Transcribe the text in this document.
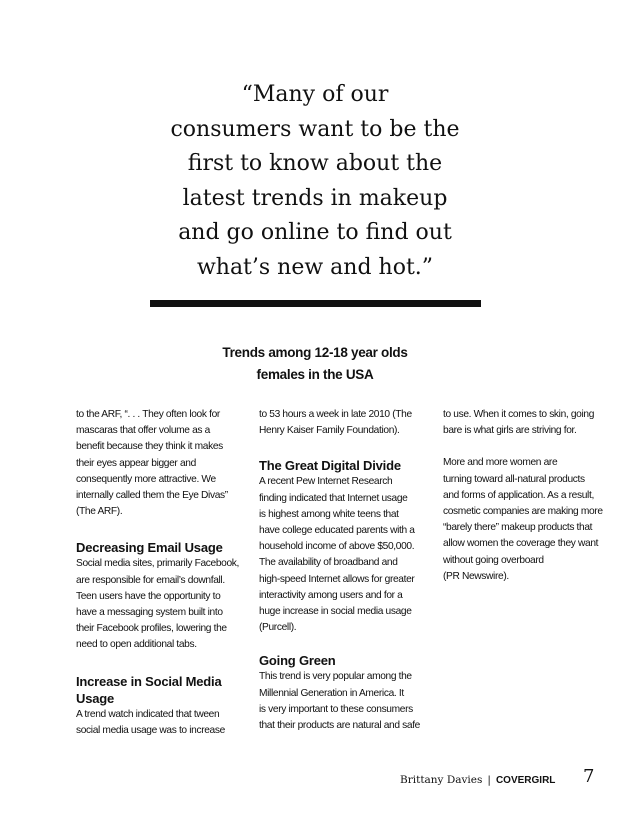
“Many of our
consumers want to be the
first to know about the
latest trends in makeup
and go online to find out
what’s new and hot.”
Trends among 12-18 year olds
females in the USA

to the ARF, “. . . They often look for
mascaras that offer volume as a
benefit because they think it makes
their eyes appear bigger and
consequently more attractive. We
internally called them the Eye Divas”
(The ARF).

Decreasing Email Usage

Social media sites, primarily Facebook,
are responsible for email’s downfall.
Teen users have the opportunity to
have a messaging system built into
their Facebook profiles, lowering the
need to open additional tabs.

Increase in Social Media
Usage

A trend watch indicated that tween
social media usage was to increase

to 53 hours a week in late 2010 (The
Henry Kaiser Family Foundation).

The Great Digital Divide

A recent Pew Internet Research
finding indicated that Internet usage
is highest among white teens that
have college educated parents with a
household income of above $50,000.
The availability of broadband and
high-speed Internet allows for greater
interactivity among users and for a
huge increase in social media usage
(Purcell).

Going Green

This trend is very popular among the
Millennial Generation in America. It
is very important to these consumers
that their products are natural and safe

to use. When it comes to skin, going
bare is what girls are striving for.

More and more women are
turning toward all-natural products
and forms of application. As a result,
cosmetic companies are making more
“barely there” makeup products that
allow women the coverage they want
without going overboard
(PR Newswire).

Brittany Davies | COVERGIRL 7
